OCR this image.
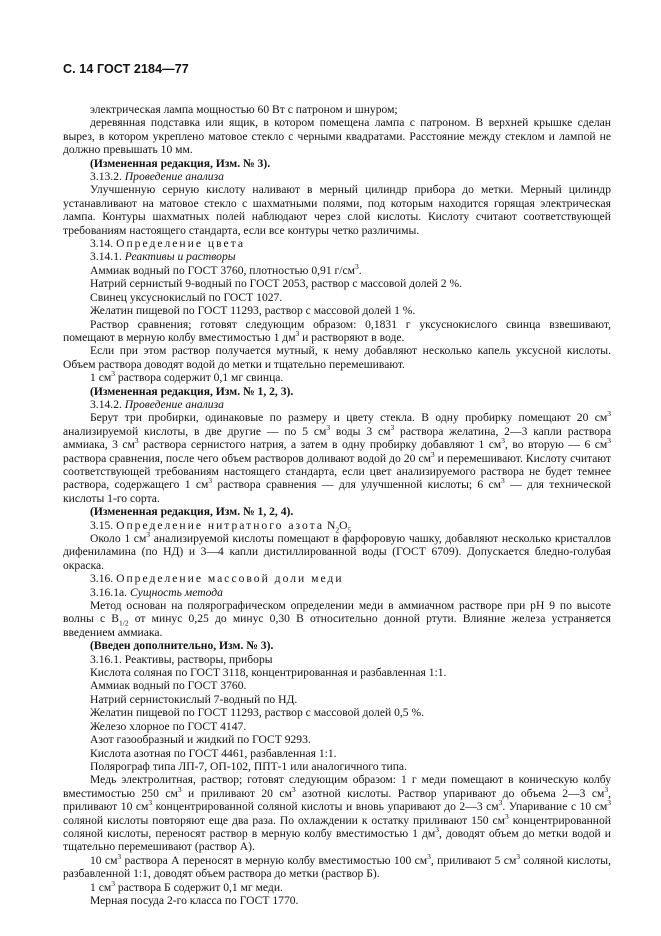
С. 14 ГОСТ 2184—77

электрическая лампа мощностью 60 Вт с патроном и шнуром;

деревянная подставка или ящик, в котором помещена лампа с патроном. В верхней крышке сделан вырез, в котором укреплено матовое стекло с черными квадратами. Расстояние между стеклом и лампой не должно превышать 10 мм.

(Измененная редакция, Изм. № 3).

3.13.2. Проведение анализа

Улучшенную серную кислоту наливают в мерный цилиндр прибора до метки. Мерный цилиндр устанавливают на матовое стекло с шахматными полями, под которым находится горящая электрическая лампа. Контуры шахматных полей наблюдают через слой кислоты. Кислоту считают соответствующей требованиям настоящего стандарта, если все контуры четко различимы.

3.14. Определение цвета

3.14.1. Реактивы и растворы

Аммиак водный по ГОСТ 3760, плотностью 0,91 $г/см^3$.

Натрий сернистый 9-водный по ГОСТ 2053, раствор с массовой долей 2 %.

Свинец уксуснокислый по ГОСТ 1027.

Желатин пищевой по ГОСТ 11293, раствор с массовой долей 1 %.

Раствор сравнения; готовят следующим образом: 0,1831 г уксуснокислого свинца взвешивают, помещают в мерную колбу вместимостью 1 $дм^3$ и растворяют в воде.

Если при этом раствор получается мутный, к нему добавляют несколько капель уксусной кислоты. Объем раствора доводят водой до метки и тщательно перемешивают.

1 $см^3$ раствора содержит 0,1 мг свинца.

(Измененная редакция, Изм. № 1, 2, 3).

3.14.2. Проведение анализа

Берут три пробирки, одинаковые по размеру и цвету стекла. В одну пробирку помещают 20 $см^3$ анализируемой кислоты, в две другие — по 5 $см^3$ воды 3 $см^3$ раствора желатина, 2—3 капли раствора аммиака, 3 $см^3$ раствора сернистого натрия, а затем в одну пробирку добавляют 1 $см^3$, во вторую — 6 $см^3$ раствора сравнения, после чего объем растворов доливают водой до 20 $см^3$ и перемешивают. Кислоту считают соответствующей требованиям настоящего стандарта, если цвет анализируемого раствора не будет темнее раствора, содержащего 1 $см^3$ раствора сравнения — для улучшенной кислоты; 6 $см^3$ — для технической кислоты 1-го сорта.

(Измененная редакция, Изм. № 1, 2, 4).

3.15. Определение нитратного азота $N_2O_5$

Около 1 $см^3$ анализируемой кислоты помещают в фарфоровую чашку, добавляют несколько кристаллов дифениламина (по НД) и 3—4 капли дистиллированной воды (ГОСТ 6709). Допускается бледно-голубая окраска.

3.16. Определение массовой доли меди

3.16.1а. Сущность метода

Метод основан на полярографическом определении меди в аммиачном растворе при рН 9 по высоте волны с $В_{1/2}$ от минус 0,25 до минус 0,30 В относительно донной ртути. Влияние железа устраняется введением аммиака.

(Введен дополнительно, Изм. № 3).

3.16.1. Реактивы, растворы, приборы

Кислота соляная по ГОСТ 3118, концентрированная и разбавленная 1:1.

Аммиак водный по ГОСТ 3760.

Натрий сернистокислый 7-водный по НД.

Желатин пищевой по ГОСТ 11293, раствор с массовой долей 0,5 %.

Железо хлорное по ГОСТ 4147.

Азот газообразный и жидкий по ГОСТ 9293.

Кислота азотная по ГОСТ 4461, разбавленная 1:1.

Полярограф типа ЛП-7, ОП-102, ППТ-1 или аналогичного типа.

Медь электролитная, раствор; готовят следующим образом: 1 г меди помещают в коническую колбу вместимостью 250 $см^3$ и приливают 20 $см^3$ азотной кислоты. Раствор упаривают до объема 2—3 $см^3$, приливают 10 $см^3$ концентрированной соляной кислоты и вновь упаривают до 2—3 $см^3$. Упаривание с 10 $см^3$ соляной кислоты повторяют еще два раза. По охлаждении к остатку приливают 150 $см^3$ концентрированной соляной кислоты, переносят раствор в мерную колбу вместимостью 1 $дм^3$, доводят объем до метки водой и тщательно перемешивают (раствор А).

10 $см^3$ раствора А переносят в мерную колбу вместимостью 100 $см^3$, приливают 5 $см^3$ соляной кислоты, разбавленной 1:1, доводят объем раствора до метки (раствор Б).

1 $см^3$ раствора Б содержит 0,1 мг меди.

Мерная посуда 2-го класса по ГОСТ 1770.
